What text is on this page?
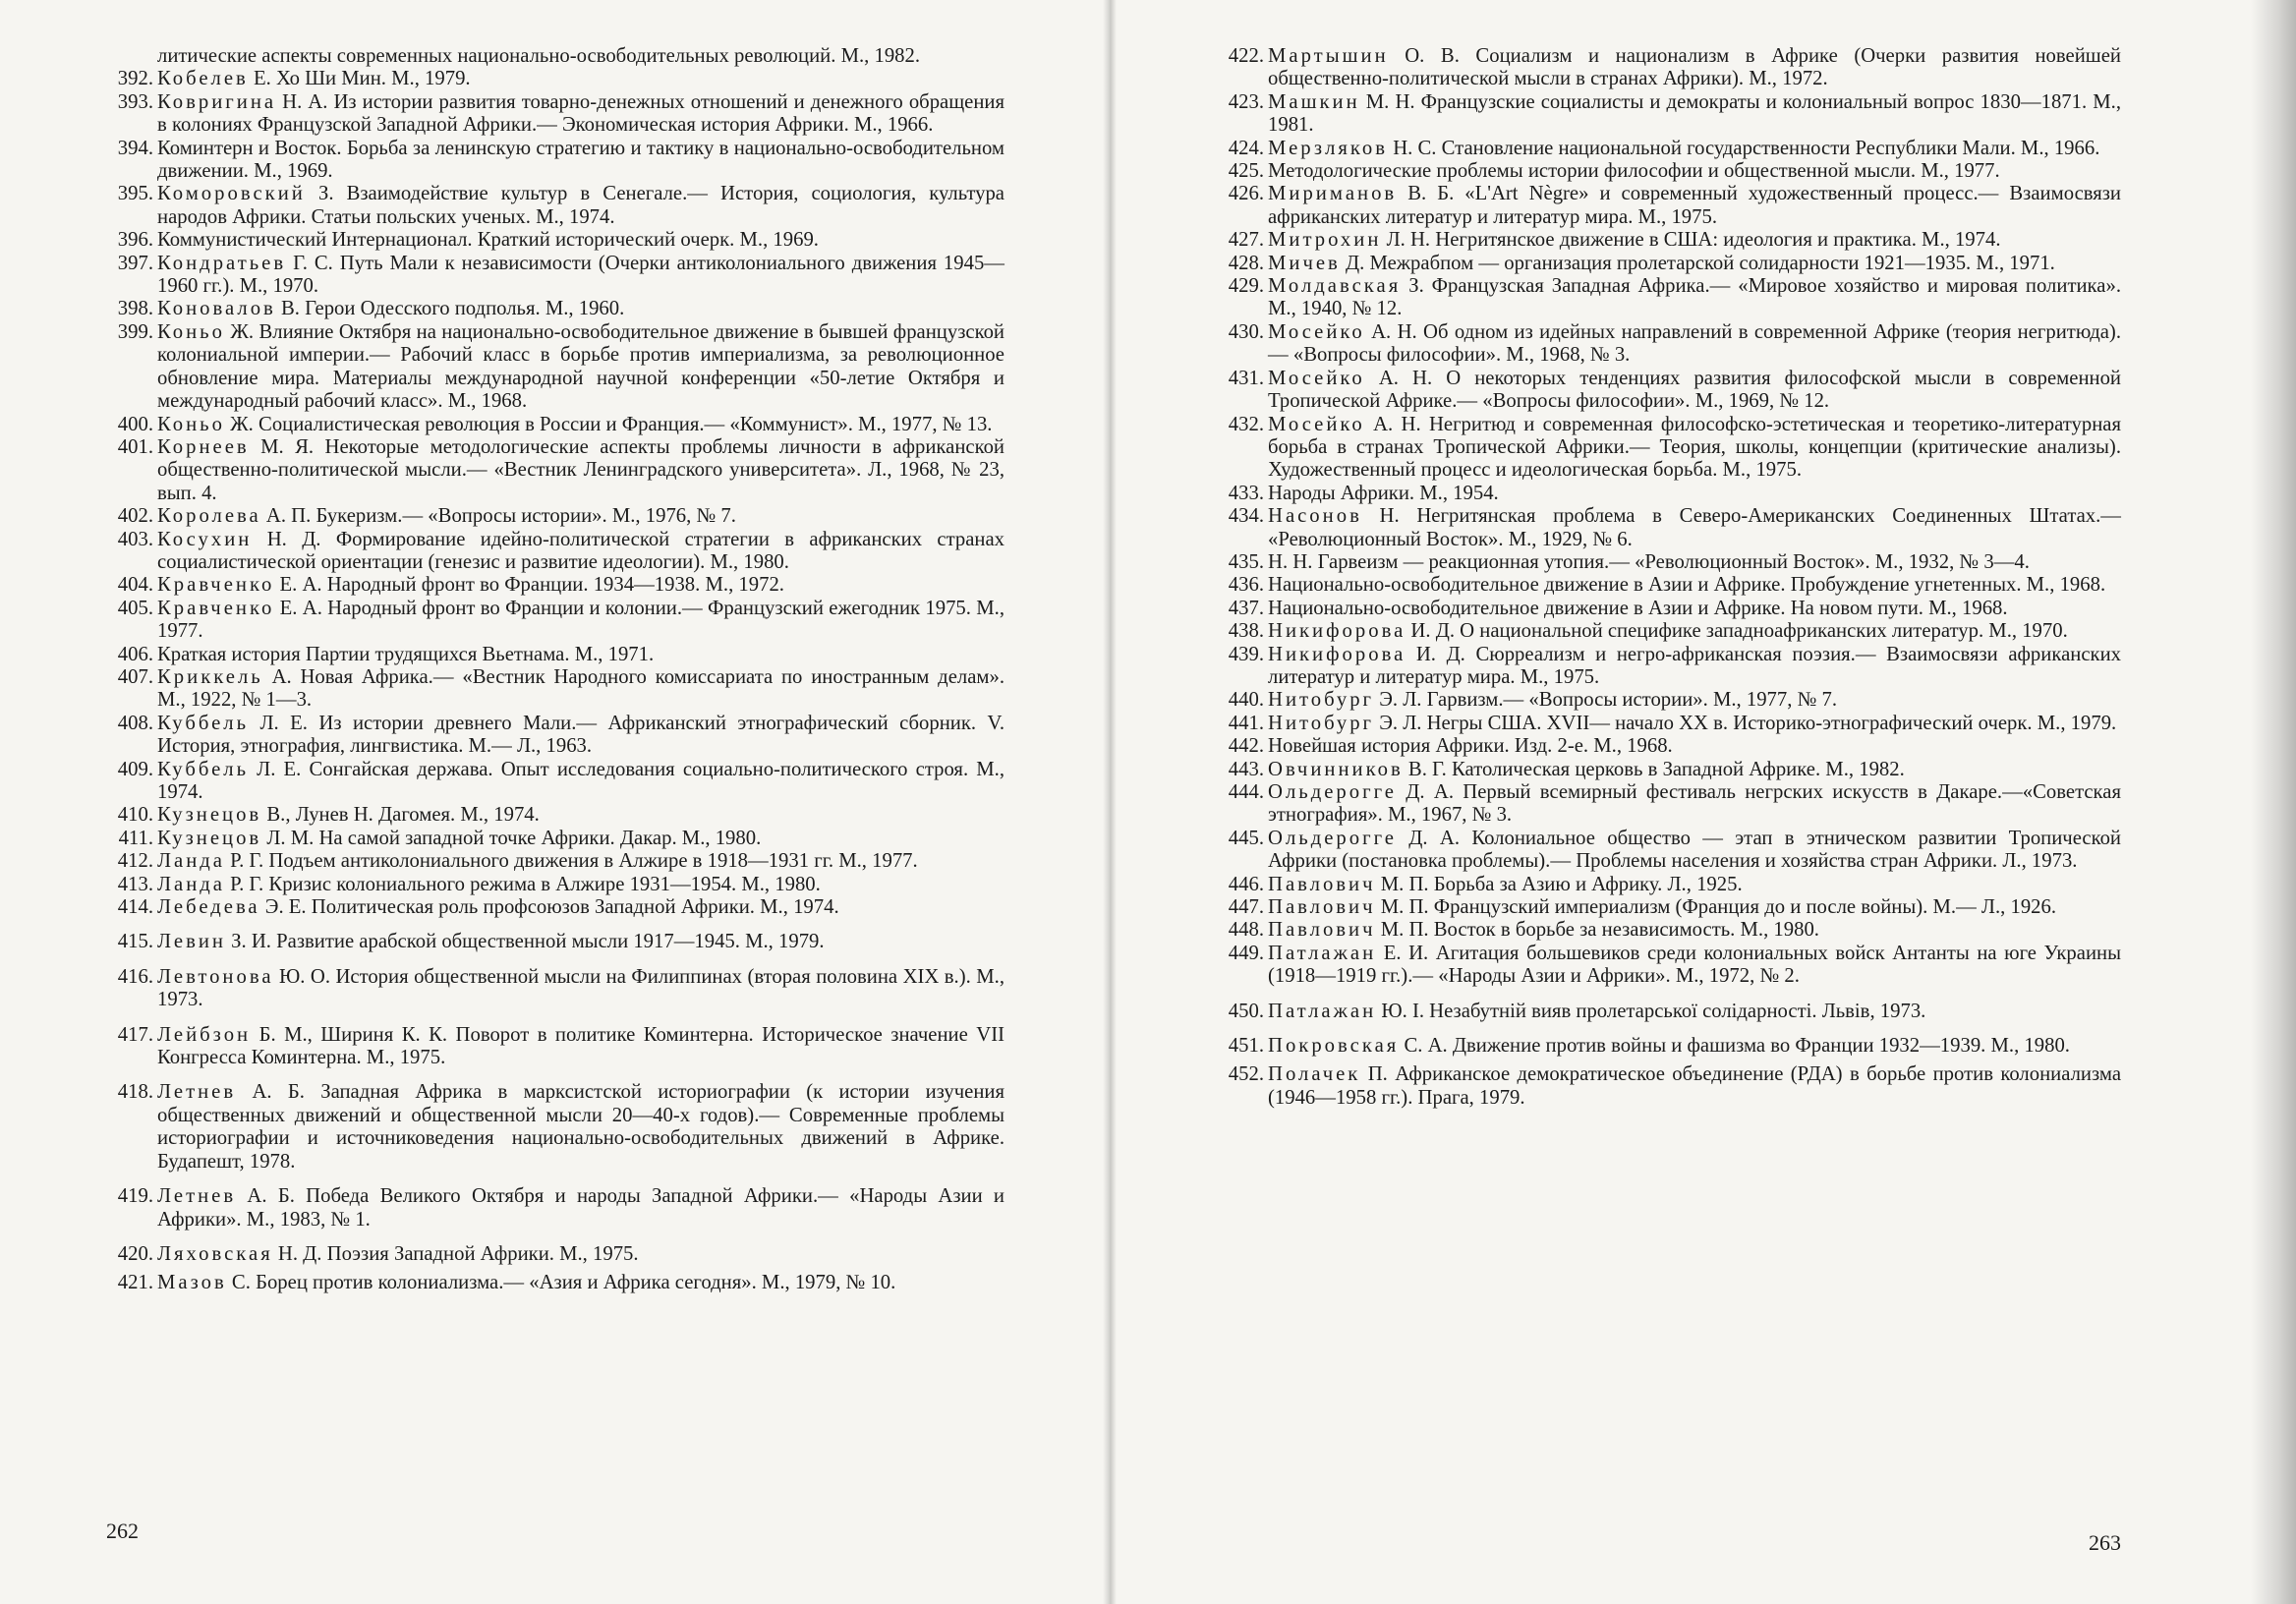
литические аспекты современных национально-освободительных революций. М., 1982.
392. Кобелев Е. Хо Ши Мин. М., 1979.
393. Ковригина Н. А. Из истории развития товарно-денежных отношений и денежного обращения в колониях Французской Западной Африки.— Экономическая история Африки. М., 1966.
394. Коминтерн и Восток. Борьба за ленинскую стратегию и тактику в национально-освободительном движении. М., 1969.
395. Коморовский З. Взаимодействие культур в Сенегале.— История, социология, культура народов Африки. Статьи польских ученых. М., 1974.
396. Коммунистический Интернационал. Краткий исторический очерк. М., 1969.
397. Кондратьев Г. С. Путь Мали к независимости (Очерки антиколониального движения 1945—1960 гг.). М., 1970.
398. Коновалов В. Герои Одесского подполья. М., 1960.
399. Коньо Ж. Влияние Октября на национально-освободительное движение в бывшей французской колониальной империи.— Рабочий класс в борьбе против империализма, за революционное обновление мира. Материалы международной научной конференции «50-летие Октября и международный рабочий класс». М., 1968.
400. Коньо Ж. Социалистическая революция в России и Франция.— «Коммунист». М., 1977, № 13.
401. Корнеев М. Я. Некоторые методологические аспекты проблемы личности в африканской общественно-политической мысли.— «Вестник Ленинградского университета». Л., 1968, № 23, вып. 4.
402. Королева А. П. Букеризм.— «Вопросы истории». М., 1976, № 7.
403. Косухин Н. Д. Формирование идейно-политической стратегии в африканских странах социалистической ориентации (генезис и развитие идеологии). М., 1980.
404. Кравченко Е. А. Народный фронт во Франции. 1934—1938. М., 1972.
405. Кравченко Е. А. Народный фронт во Франции и колонии.— Французский ежегодник 1975. М., 1977.
406. Краткая история Партии трудящихся Вьетнама. М., 1971.
407. Криккель А. Новая Африка.— «Вестник Народного комиссариата по иностранным делам». М., 1922, № 1—3.
408. Куббель Л. Е. Из истории древнего Мали.— Африканский этнографический сборник. V. История, этнография, лингвистика. М.— Л., 1963.
409. Куббель Л. Е. Сонгайская держава. Опыт исследования социально-политического строя. М., 1974.
410. Кузнецов В., Лунев Н. Дагомея. М., 1974.
411. Кузнецов Л. М. На самой западной точке Африки. Дакар. М., 1980.
412. Ланда Р. Г. Подъем антиколониального движения в Алжире в 1918—1931 гг. М., 1977.
413. Ланда Р. Г. Кризис колониального режима в Алжире 1931—1954. М., 1980.
414. Лебедева Э. Е. Политическая роль профсоюзов Западной Африки. М., 1974.
415. Левин З. И. Развитие арабской общественной мысли 1917—1945. М., 1979.
416. Левтонова Ю. О. История общественной мысли на Филиппинах (вторая половина XIX в.). М., 1973.
417. Лейбзон Б. М., Шириня К. К. Поворот в политике Коминтерна. Историческое значение VII Конгресса Коминтерна. М., 1975.
418. Летнев А. Б. Западная Африка в марксистской историографии (к истории изучения общественных движений и общественной мысли 20—40-х годов).— Современные проблемы историографии и источниковедения национально-освободительных движений в Африке. Будапешт, 1978.
419. Летнев А. Б. Победа Великого Октября и народы Западной Африки.— «Народы Азии и Африки». М., 1983, № 1.
420. Ляховская Н. Д. Поэзия Западной Африки. М., 1975.
421. Мазов С. Борец против колониализма.— «Азия и Африка сегодня». М., 1979, № 10.
422. Мартышин О. В. Социализм и национализм в Африке (Очерки развития новейшей общественно-политической мысли в странах Африки). М., 1972.
423. Машкин М. Н. Французские социалисты и демократы и колониальный вопрос 1830—1871. М., 1981.
424. Мерзляков Н. С. Становление национальной государственности Республики Мали. М., 1966.
425. Методологические проблемы истории философии и общественной мысли. М., 1977.
426. Мириманов В. Б. «L'Art Nègre» и современный художественный процесс.— Взаимосвязи африканских литератур и литератур мира. М., 1975.
427. Митрохин Л. Н. Негритянское движение в США: идеология и практика. М., 1974.
428. Мичев Д. Межрабпом — организация пролетарской солидарности 1921—1935. М., 1971.
429. Молдавская З. Французская Западная Африка.— «Мировое хозяйство и мировая политика». М., 1940, № 12.
430. Мосейко А. Н. Об одном из идейных направлений в современной Африке (теория негритюда).— «Вопросы философии». М., 1968, № 3.
431. Мосейко А. Н. О некоторых тенденциях развития философской мысли в современной Тропической Африке.— «Вопросы философии». М., 1969, № 12.
432. Мосейко А. Н. Негритюд и современная философско-эстетическая и теоретико-литературная борьба в странах Тропической Африки.— Теория, школы, концепции (критические анализы). Художественный процесс и идеологическая борьба. М., 1975.
433. Народы Африки. М., 1954.
434. Насонов Н. Негритянская проблема в Северо-Американских Соединенных Штатах.— «Революционный Восток». М., 1929, № 6.
435. Н. Н. Гарвеизм — реакционная утопия.— «Революционный Восток». М., 1932, № 3—4.
436. Национально-освободительное движение в Азии и Африке. Пробуждение угнетенных. М., 1968.
437. Национально-освободительное движение в Азии и Африке. На новом пути. М., 1968.
438. Никифорова И. Д. О национальной специфике западноафриканских литератур. М., 1970.
439. Никифорова И. Д. Сюрреализм и негро-африканская поэзия.— Взаимосвязи африканских литератур и литератур мира. М., 1975.
440. Нитобург Э. Л. Гарвизм.— «Вопросы истории». М., 1977, № 7.
441. Нитобург Э. Л. Негры США. XVII— начало XX в. Историко-этнографический очерк. М., 1979.
442. Новейшая история Африки. Изд. 2-е. М., 1968.
443. Овчинников В. Г. Католическая церковь в Западной Африке. М., 1982.
444. Ольдерогге Д. А. Первый всемирный фестиваль негрских искусств в Дакаре.—«Советская этнография». М., 1967, № 3.
445. Ольдерогге Д. А. Колониальное общество — этап в этническом развитии Тропической Африки (постановка проблемы).— Проблемы населения и хозяйства стран Африки. Л., 1973.
446. Павлович М. П. Борьба за Азию и Африку. Л., 1925.
447. Павлович М. П. Французский империализм (Франция до и после войны). М.— Л., 1926.
448. Павлович М. П. Восток в борьбе за независимость. М., 1980.
449. Патлажан Е. И. Агитация большевиков среди колониальных войск Антанты на юге Украины (1918—1919 гг.).— «Народы Азии и Африки». М., 1972, № 2.
450. Патлажан Ю. І. Незабутній вияв пролетарської солідарності. Львів, 1973.
451. Покровская С. А. Движение против войны и фашизма во Франции 1932—1939. М., 1980.
452. Полачек П. Африканское демократическое объединение (РДА) в борьбе против колониализма (1946—1958 гг.). Прага, 1979.
262	263
